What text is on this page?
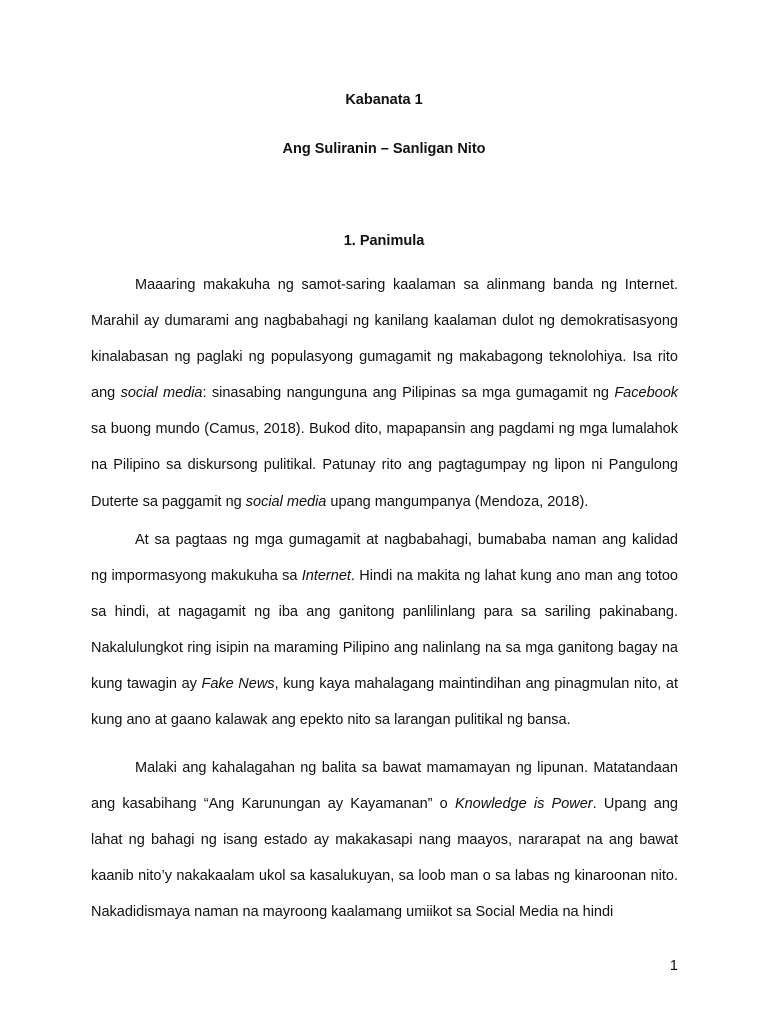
Kabanata 1

Ang Suliranin – Sanligan Nito

1. Panimula

Maaaring makakuha ng samot-saring kaalaman sa alinmang banda ng Internet. Marahil ay dumarami ang nagbabahagi ng kanilang kaalaman dulot ng demokratisasyong kinalabasan ng paglaki ng populasyong gumagamit ng makabagong teknolohiya. Isa rito ang social media: sinasabing nangunguna ang Pilipinas sa mga gumagamit ng Facebook sa buong mundo (Camus, 2018). Bukod dito, mapapansin ang pagdami ng mga lumalahok na Pilipino sa diskursong pulitikal. Patunay rito ang pagtagumpay ng lipon ni Pangulong Duterte sa paggamit ng social media upang mangumpanya (Mendoza, 2018).

At sa pagtaas ng mga gumagamit at nagbabahagi, bumababa naman ang kalidad ng impormasyong makukuha sa Internet. Hindi na makita ng lahat kung ano man ang totoo sa hindi, at nagagamit ng iba ang ganitong panlilinlang para sa sariling pakinabang. Nakalulungkot ring isipin na maraming Pilipino ang nalinlang na sa mga ganitong bagay na kung tawagin ay Fake News, kung kaya mahalagang maintindihan ang pinagmulan nito, at kung ano at gaano kalawak ang epekto nito sa larangan pulitikal ng bansa.

Malaki ang kahalagahan ng balita sa bawat mamamayan ng lipunan. Matatandaan ang kasabihang “Ang Karunungan ay Kayamanan” o Knowledge is Power. Upang ang lahat ng bahagi ng isang estado ay makakasapi nang maayos, nararapat na ang bawat kaanib nito’y nakakaalam ukol sa kasalukuyan, sa loob man o sa labas ng kinaroonan nito. Nakadidismaya naman na mayroong kaalamang umiikot sa Social Media na hindi

1
